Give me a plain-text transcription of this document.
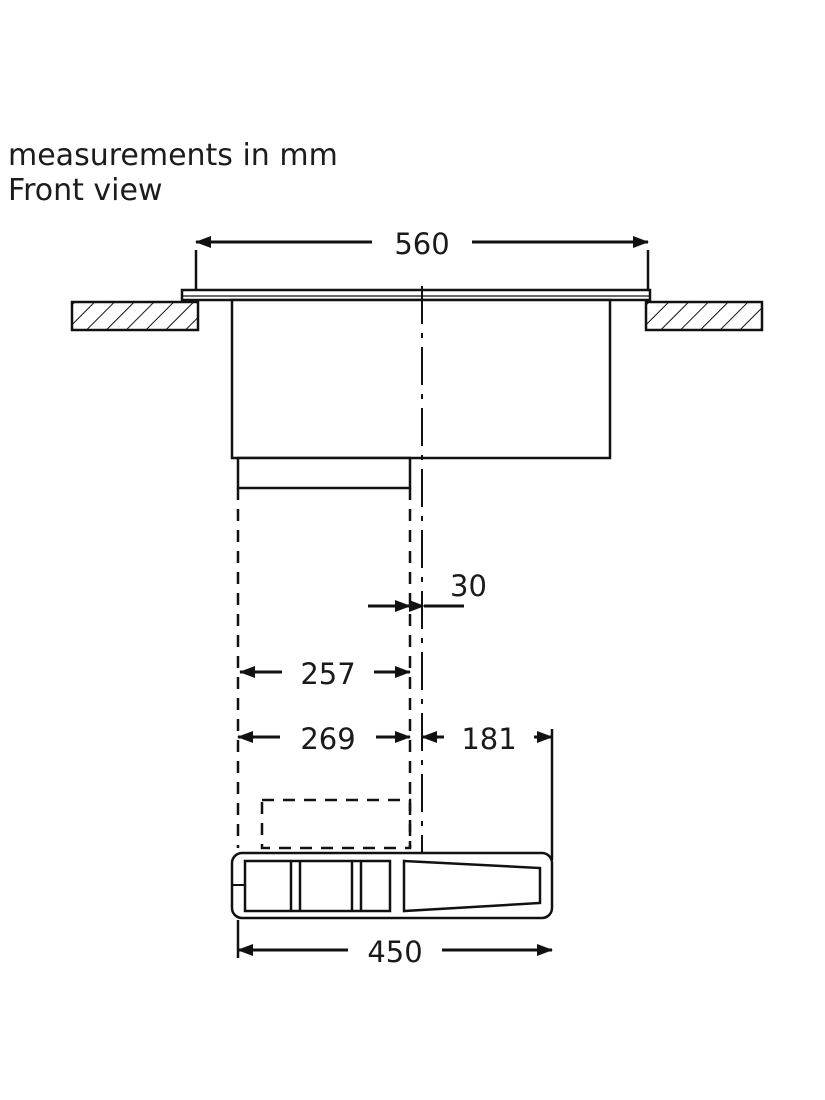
measurements in mm
Front view
560
30
257
269	181
450
